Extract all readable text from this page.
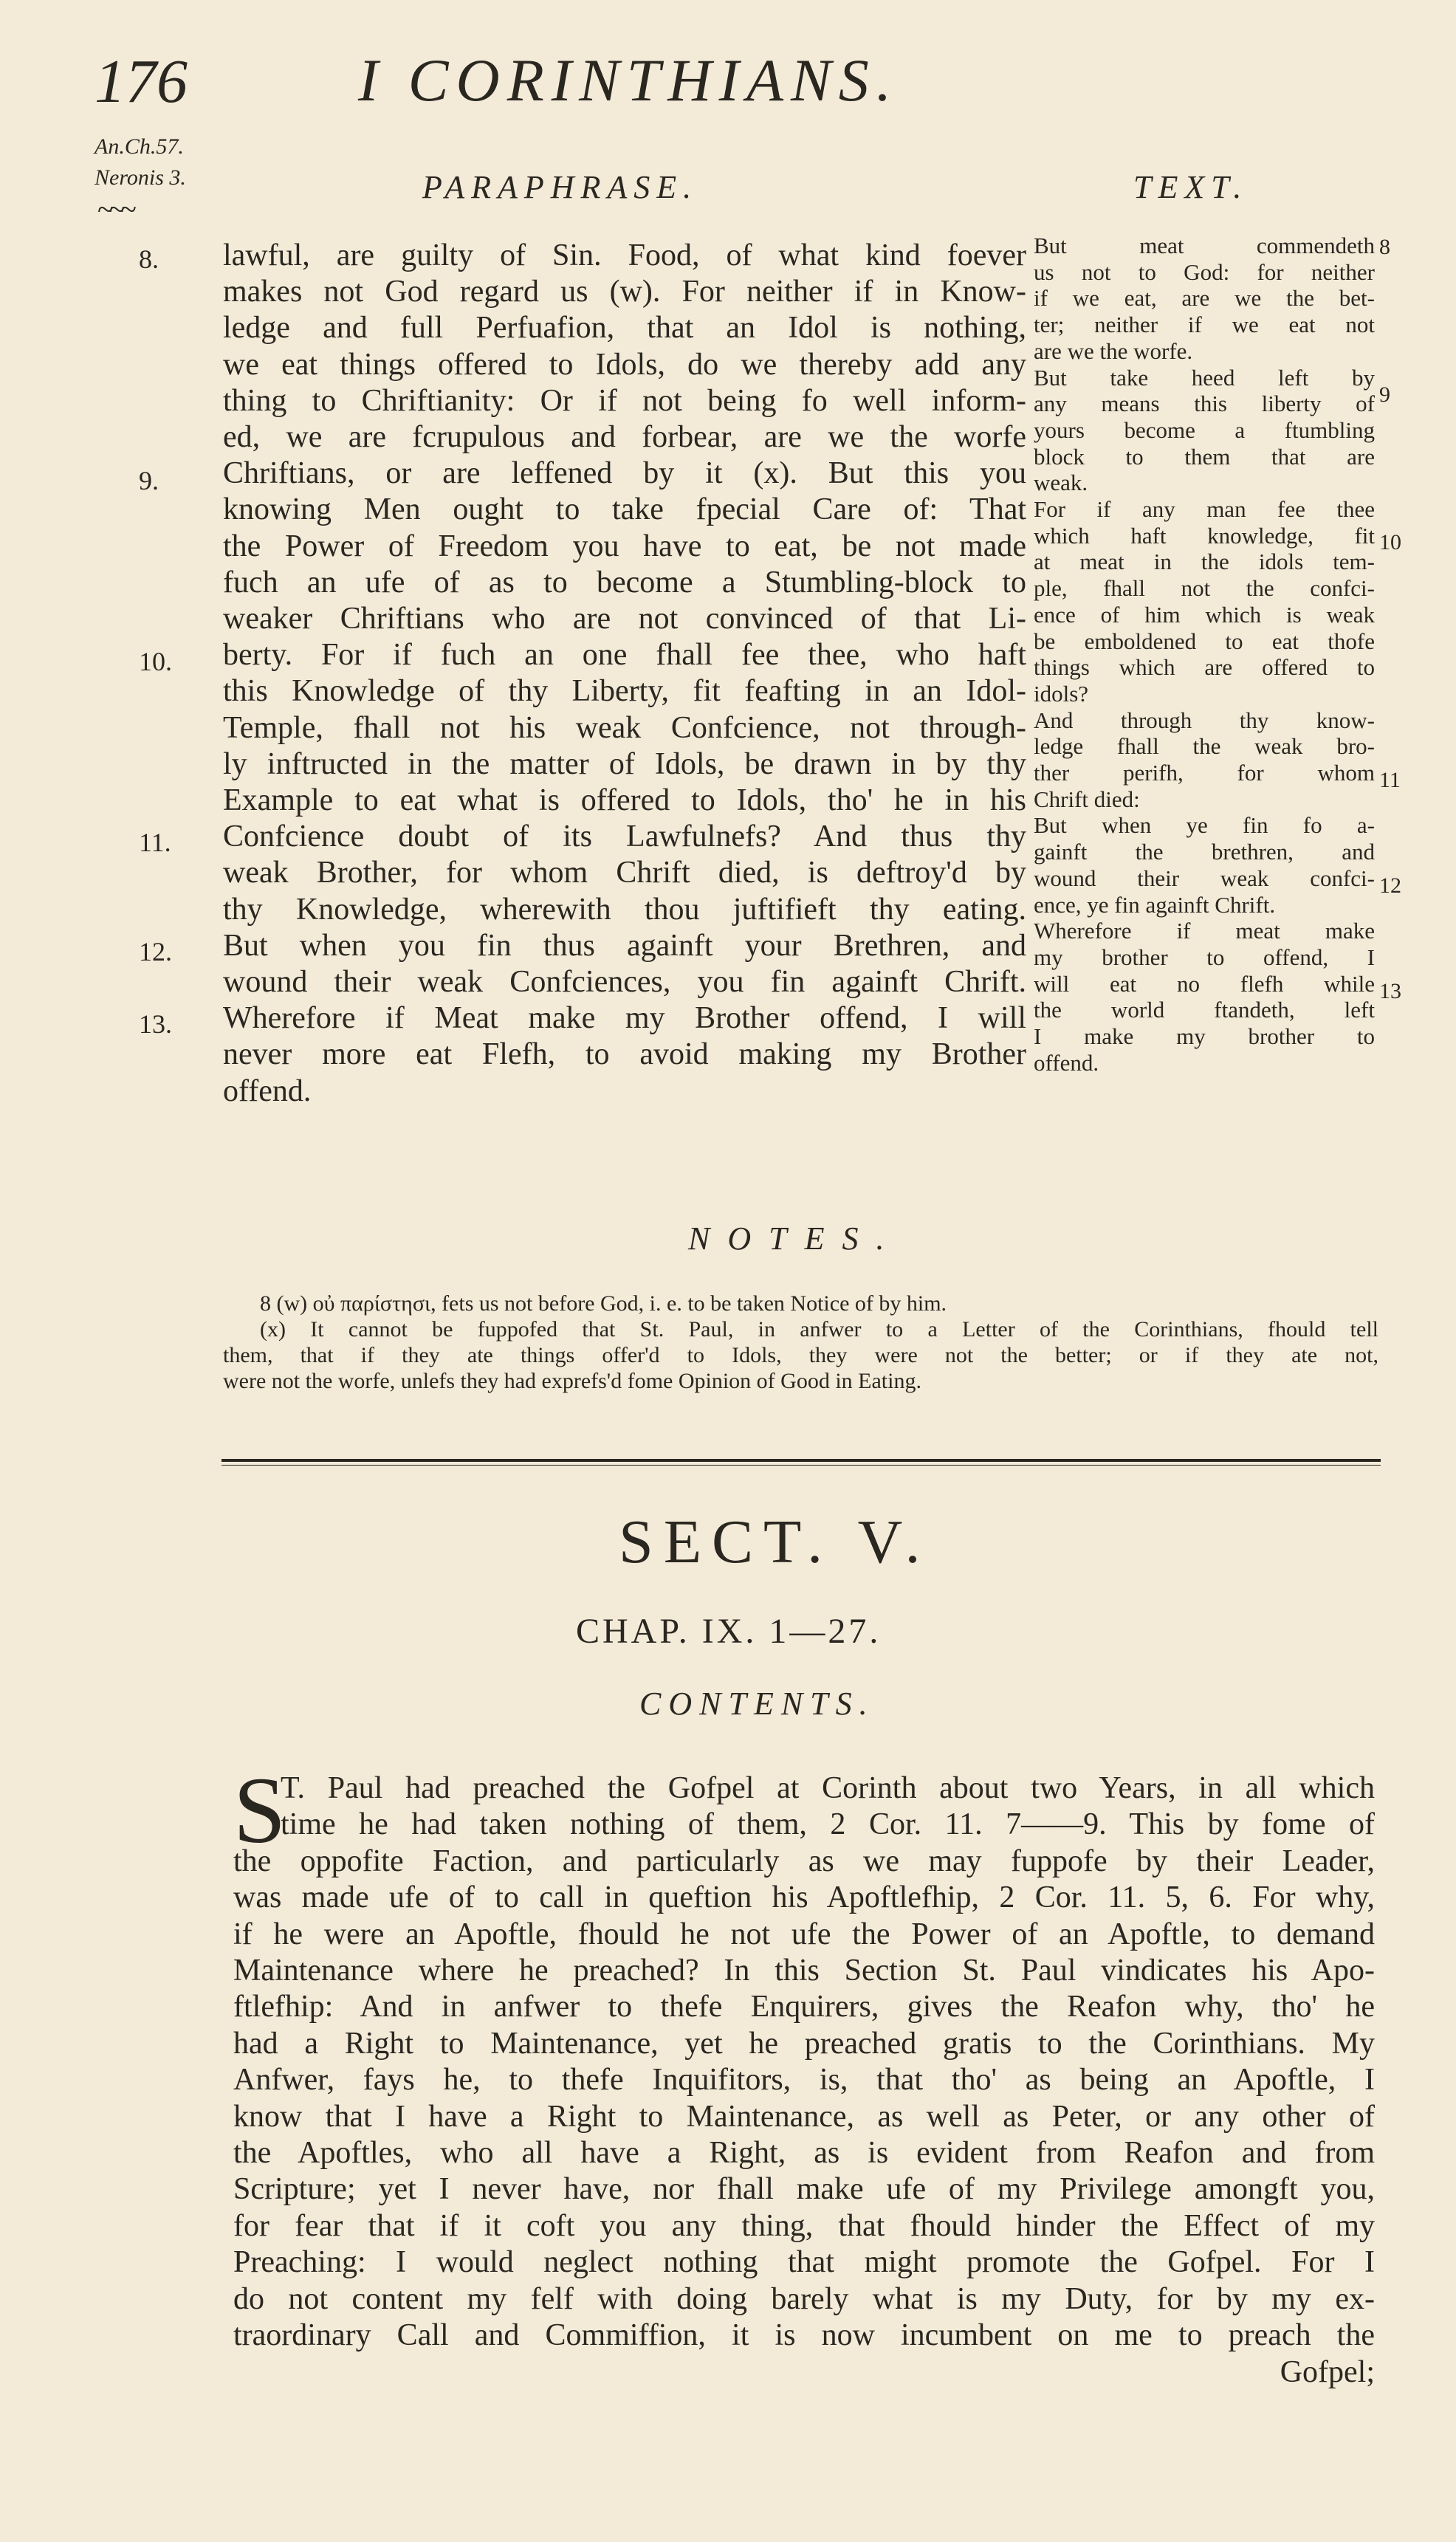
176	I CORINTHIANS.
An.Ch.57.
Neronis 3.
~~~
PARAPHRASE.	TEXT.
8.
9.
10.
11.
12.
13.
lawful, are guilty of Sin. Food, of what kind foever
makes not God regard us (w). For neither if in Know-
ledge and full Perfuafion, that an Idol is nothing,
we eat things offered to Idols, do we thereby add any
thing to Chriftianity: Or if not being fo well inform-
ed, we are fcrupulous and forbear, are we the worfe
Chriftians, or are leffened by it (x). But this you
knowing Men ought to take fpecial Care of: That
the Power of Freedom you have to eat, be not made
fuch an ufe of as to become a Stumbling-block to
weaker Chriftians who are not convinced of that Li-
berty. For if fuch an one fhall fee thee, who haft
this Knowledge of thy Liberty, fit feafting in an Idol-
Temple, fhall not his weak Confcience, not through-
ly inftructed in the matter of Idols, be drawn in by thy
Example to eat what is offered to Idols, tho' he in his
Confcience doubt of its Lawfulnefs? And thus thy
weak Brother, for whom Chrift died, is deftroy'd by
thy Knowledge, wherewith thou juftifieft thy eating.
But when you fin thus againft your Brethren, and
wound their weak Confciences, you fin againft Chrift.
Wherefore if Meat make my Brother offend, I will
never more eat Flefh, to avoid making my Brother
offend.
But meat commendeth
us not to God: for neither
if we eat, are we the bet-
ter; neither if we eat not
are we the worfe.
But take heed left by
any means this liberty of
yours become a ftumbling
block to them that are
weak.
For if any man fee thee
which haft knowledge, fit
at meat in the idols tem-
ple, fhall not the confci-
ence of him which is weak
be emboldened to eat thofe
things which are offered to
idols?
And through thy know-
ledge fhall the weak bro-
ther perifh, for whom
Chrift died:
But when ye fin fo a-
gainft the brethren, and
wound their weak confci-
ence, ye fin againft Chrift.
Wherefore if meat make
my brother to offend, I
will eat no flefh while
the world ftandeth, left
I make my brother to
offend.
8
9
10
11
12
13
NOTES.
8 (w) οὐ παρίστησι, fets us not before God, i. e. to be taken Notice of by him.
(x) It cannot be fuppofed that St. Paul, in anfwer to a Letter of the Corinthians, fhould tell
them, that if they ate things offer'd to Idols, they were not the better; or if they ate not,
were not the worfe, unlefs they had exprefs'd fome Opinion of Good in Eating.
SECT. V.
CHAP. IX. 1—27.
CONTENTS.
S
T. Paul had preached the Gofpel at Corinth about two Years, in all which
time he had taken nothing of them, 2 Cor. 11. 7——9. This by fome of
the oppofite Faction, and particularly as we may fuppofe by their Leader,
was made ufe of to call in queftion his Apoftlefhip, 2 Cor. 11. 5, 6. For why,
if he were an Apoftle, fhould he not ufe the Power of an Apoftle, to demand
Maintenance where he preached? In this Section St. Paul vindicates his Apo-
ftlefhip: And in anfwer to thefe Enquirers, gives the Reafon why, tho' he
had a Right to Maintenance, yet he preached gratis to the Corinthians. My
Anfwer, fays he, to thefe Inquifitors, is, that tho' as being an Apoftle, I
know that I have a Right to Maintenance, as well as Peter, or any other of
the Apoftles, who all have a Right, as is evident from Reafon and from
Scripture; yet I never have, nor fhall make ufe of my Privilege amongft you,
for fear that if it coft you any thing, that fhould hinder the Effect of my
Preaching: I would neglect nothing that might promote the Gofpel. For I
do not content my felf with doing barely what is my Duty, for by my ex-
traordinary Call and Commiffion, it is now incumbent on me to preach the
Gofpel;
